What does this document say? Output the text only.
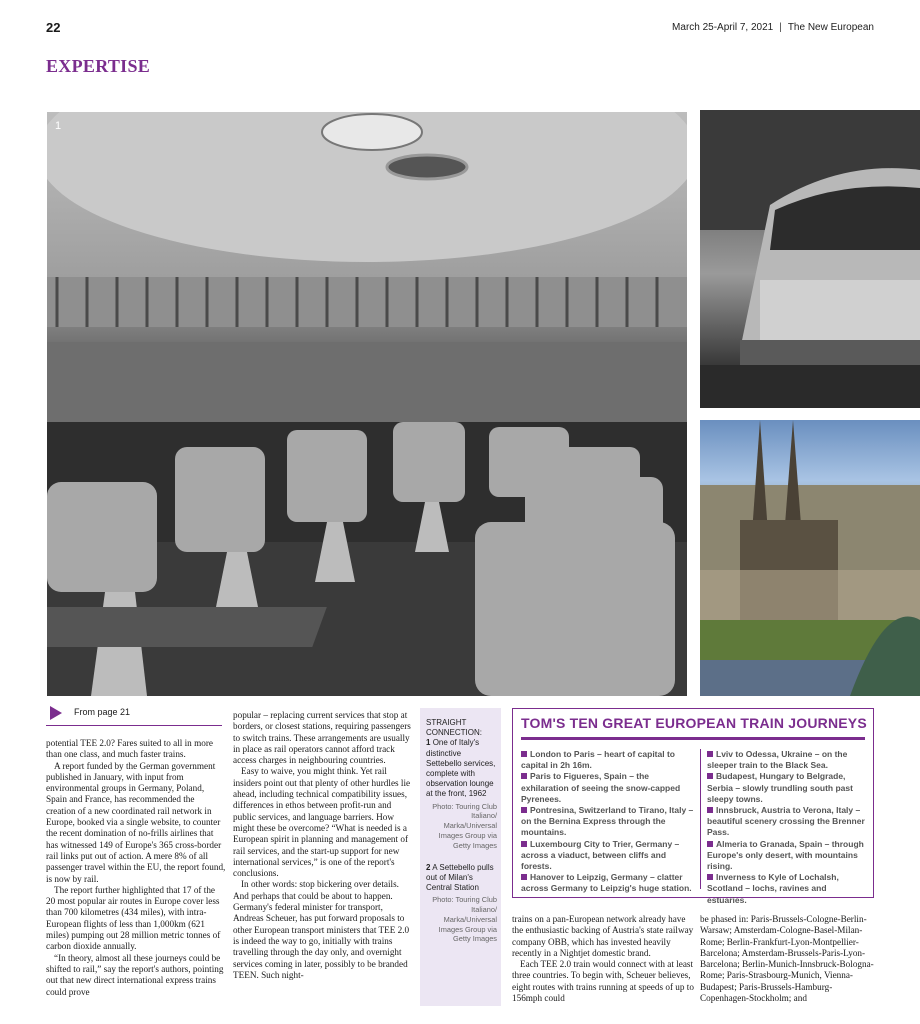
22	March 25-April 7, 2021 | The New European
EXPERTISE
1
From page 21

potential TEE 2.0? Fares suited to all in more than one class, and much faster trains.

A report funded by the German government published in January, with input from environmental groups in Germany, Poland, Spain and France, has recommended the creation of a new coordinated rail network in Europe, booked via a single website, to counter the recent domination of no-frills airlines that has witnessed 149 of Europe's 365 cross-border rail links put out of action. A mere 8% of all passenger travel within the EU, the report found, is now by rail.

The report further highlighted that 17 of the 20 most popular air routes in Europe cover less than 700 kilometres (434 miles), with intra-European flights of less than 1,000km (621 miles) pumping out 28 million metric tonnes of carbon dioxide annually.

“In theory, almost all these journeys could be shifted to rail,” say the report's authors, pointing out that new direct international express trains could prove

popular – replacing current services that stop at borders, or closest stations, requiring passengers to switch trains. These arrangements are usually in place as rail operators cannot afford track access charges in neighbouring countries.

Easy to waive, you might think. Yet rail insiders point out that plenty of other hurdles lie ahead, including technical compatibility issues, differences in ethos between profit-run and public services, and language barriers. How might these be overcome? “What is needed is a European spirit in planning and management of rail services, and the start-up support for new international services,” is one of the report's conclusions.

In other words: stop bickering over details. And perhaps that could be about to happen. Germany's federal minister for transport, Andreas Scheuer, has put forward proposals to other European transport ministers that TEE 2.0 is indeed the way to go, initially with trains travelling through the day only, and overnight services coming in later, possibly to be branded TEEN. Such night-

STRAIGHT CONNECTION:
1 One of Italy's distinctive Settebello services, complete with observation lounge at the front, 1962
Photo: Touring Club Italiano/ Marka/Universal Images Group via Getty Images
2 A Settebello pulls out of Milan's Central Station
Photo: Touring Club Italiano/ Marka/Universal Images Group via Getty Images
TOM'S TEN GREAT EUROPEAN TRAIN JOURNEYS
London to Paris – heart of capital to capital in 2h 16m.
Paris to Figueres, Spain – the exhilaration of seeing the snow-capped Pyrenees.
Pontresina, Switzerland to Tirano, Italy – on the Bernina Express through the mountains.
Luxembourg City to Trier, Germany – across a viaduct, between cliffs and forests.
Hanover to Leipzig, Germany – clatter across Germany to Leipzig's huge station.
Lviv to Odessa, Ukraine – on the sleeper train to the Black Sea.
Budapest, Hungary to Belgrade, Serbia – slowly trundling south past sleepy towns.
Innsbruck, Austria to Verona, Italy – beautiful scenery crossing the Brenner Pass.
Almeria to Granada, Spain – through Europe's only desert, with mountains rising.
Inverness to Kyle of Lochalsh, Scotland – lochs, ravines and estuaries.

trains on a pan-European network already have the enthusiastic backing of Austria's state railway company OBB, which has invested heavily recently in a Nightjet domestic brand.

Each TEE 2.0 train would connect with at least three countries. To begin with, Scheuer believes, eight routes with trains running at speeds of up to 156mph could

be phased in: Paris-Brussels-Cologne-Berlin-Warsaw; Amsterdam-Cologne-Basel-Milan-Rome; Berlin-Frankfurt-Lyon-Montpellier-Barcelona; Amsterdam-Brussels-Paris-Lyon-Barcelona; Berlin-Munich-Innsbruck-Bologna-Rome; Paris-Strasbourg-Munich, Vienna-Budapest; Paris-Brussels-Hamburg-Copenhagen-Stockholm; and
